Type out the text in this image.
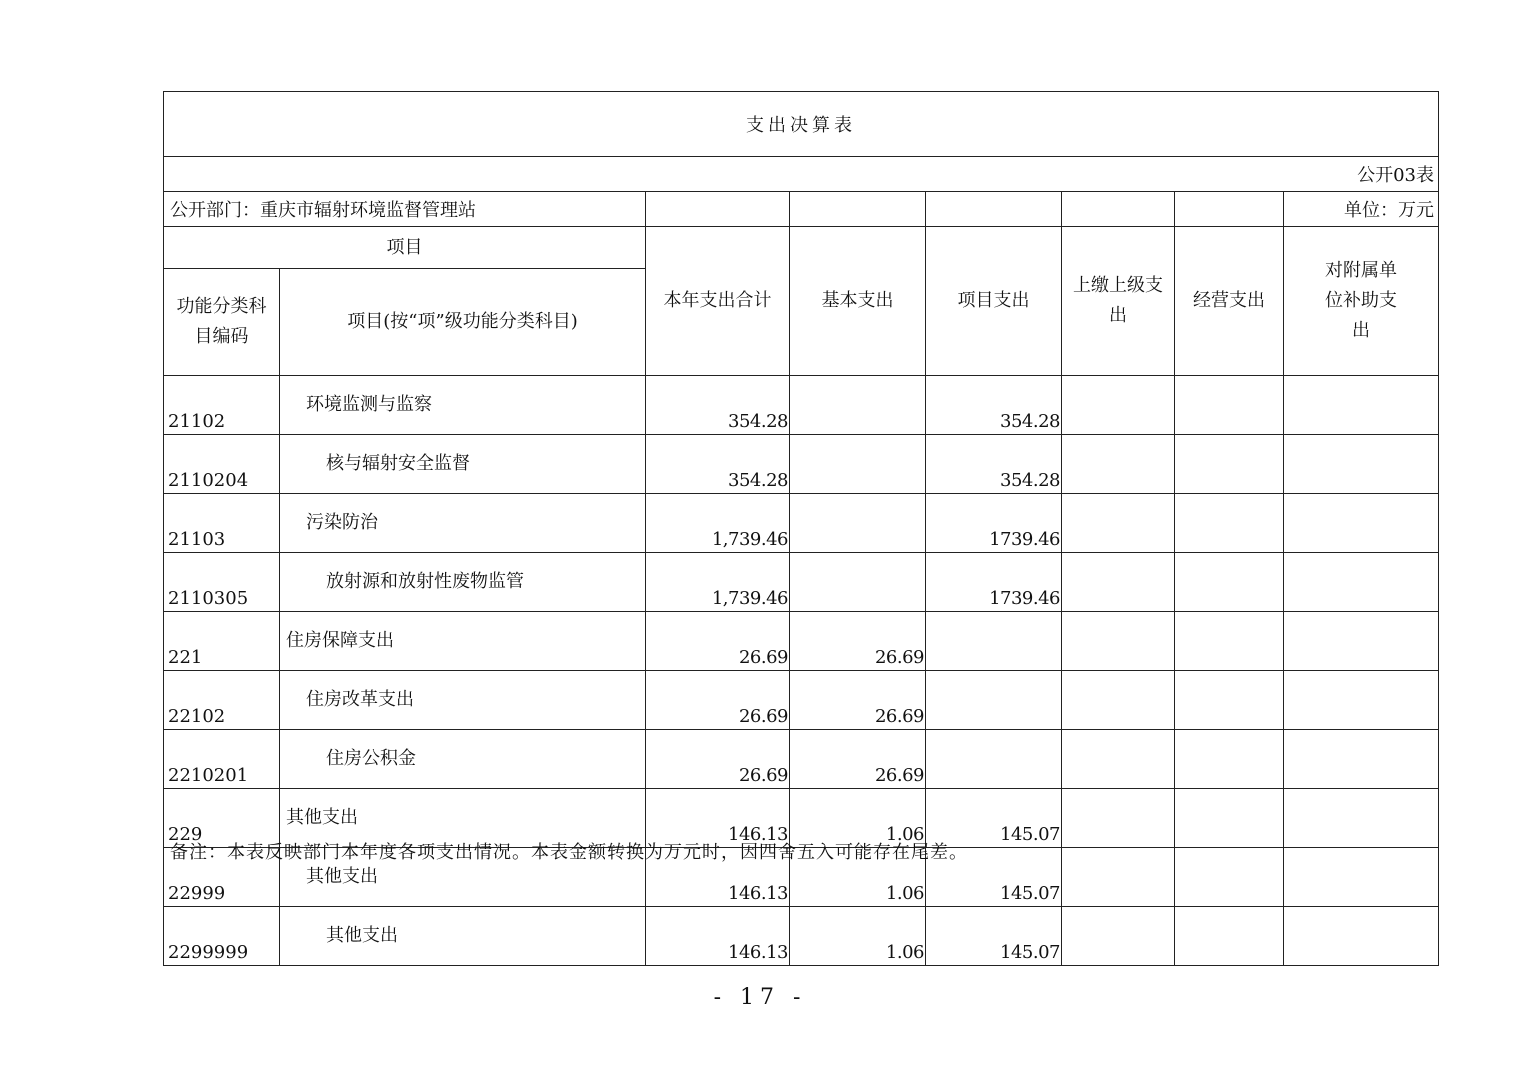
支出决算表							
公开03表							
公开部门：重庆市辐射环境监督管理站							单位：万元
项目		本年支出合计	基本支出	项目支出	上缴上级支出	经营支出	对附属单位补助支出
功能分类科目编码	项目(按“项”级功能分类科目)						
21102	环境监测与监察	354.28		354.28			
2110204	核与辐射安全监督	354.28		354.28			
21103	污染防治	1,739.46		1739.46			
2110305	放射源和放射性废物监管	1,739.46		1739.46			
221	住房保障支出	26.69	26.69				
22102	住房改革支出	26.69	26.69				
2210201	住房公积金	26.69	26.69				
229	其他支出	146.13	1.06	145.07			
22999	其他支出	146.13	1.06	145.07			
2299999	其他支出	146.13	1.06	145.07			
备注：本表反映部门本年度各项支出情况。本表金额转换为万元时，因四舍五入可能存在尾差。
- 17 -
